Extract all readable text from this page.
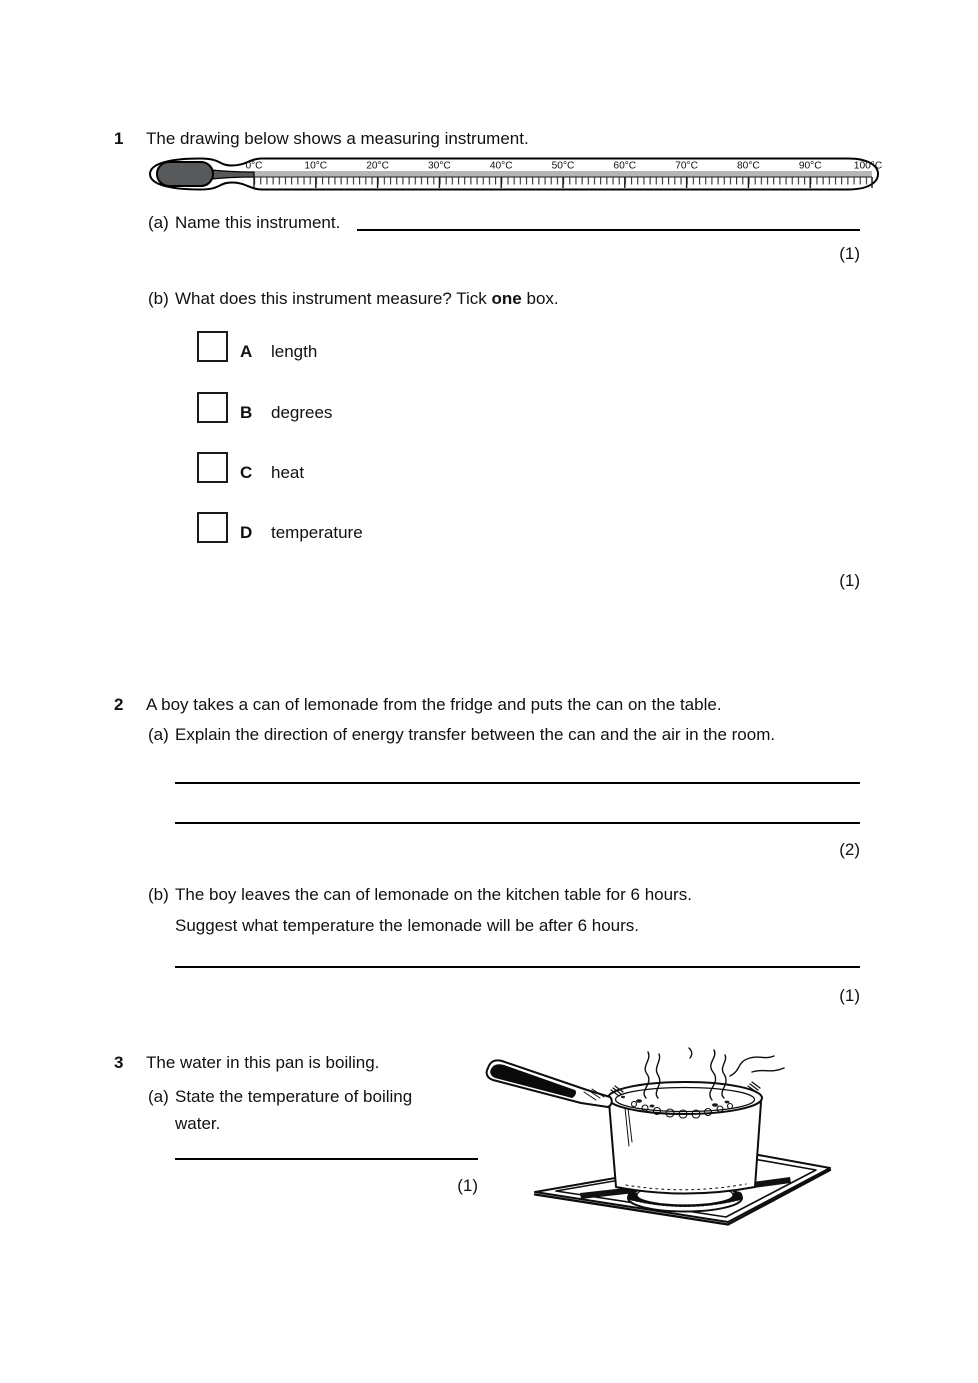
1 The drawing below shows a measuring instrument.
0°C	10°C	20°C	30°C	40°C	50°C	60°C	70°C	80°C	90°C	100°C
(a) Name this instrument.
(1)
(b) What does this instrument measure? Tick one box.
A	length
B	degrees
C	heat
D	temperature
(1)
2 A boy takes a can of lemonade from the fridge and puts the can on the table.
(a) Explain the direction of energy transfer between the can and the air in the room.
(2)
(b) The boy leaves the can of lemonade on the kitchen table for 6 hours.
Suggest what temperature the lemonade will be after 6 hours.
(1)
3 The water in this pan is boiling.
(a) State the temperature of boiling water.
(1)
